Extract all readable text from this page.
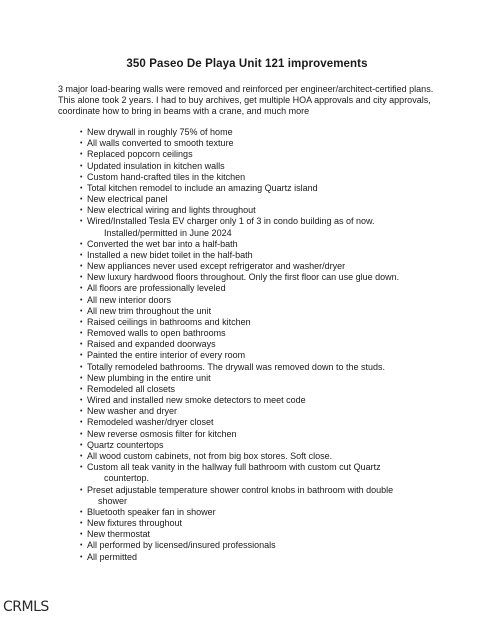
350 Paseo De Playa Unit 121 improvements

3 major load-bearing walls were removed and reinforced per engineer/architect-certified plans. This alone took 2 years. I had to buy archives, get multiple HOA approvals and city approvals, coordinate how to bring in beams with a crane, and much more

• New drywall in roughly 75% of home
• All walls converted to smooth texture
• Replaced popcorn ceilings
• Updated insulation in kitchen walls
• Custom hand-crafted tiles in the kitchen
• Total kitchen remodel to include an amazing Quartz island
• New electrical panel
• New electrical wiring and lights throughout
• Wired/Installed Tesla EV charger only 1 of 3 in condo building as of now.
Installed/permitted in June 2024
• Converted the wet bar into a half-bath
• Installed a new bidet toilet in the half-bath
• New appliances never used except refrigerator and washer/dryer
• New luxury hardwood floors throughout. Only the first floor can use glue down.
• All floors are professionally leveled
• All new interior doors
• All new trim throughout the unit
• Raised ceilings in bathrooms and kitchen
• Removed walls to open bathrooms
• Raised and expanded doorways
• Painted the entire interior of every room
• Totally remodeled bathrooms. The drywall was removed down to the studs.
• New plumbing in the entire unit
• Remodeled all closets
• Wired and installed new smoke detectors to meet code
• New washer and dryer
• Remodeled washer/dryer closet
• New reverse osmosis filter for kitchen
• Quartz countertops
• All wood custom cabinets, not from big box stores. Soft close.
• Custom all teak vanity in the hallway full bathroom with custom cut Quartz
countertop.
• Preset adjustable temperature shower control knobs in bathroom with double
shower
• Bluetooth speaker fan in shower
• New fixtures throughout
• New thermostat
• All performed by licensed/insured professionals
• All permitted
CRMLS
